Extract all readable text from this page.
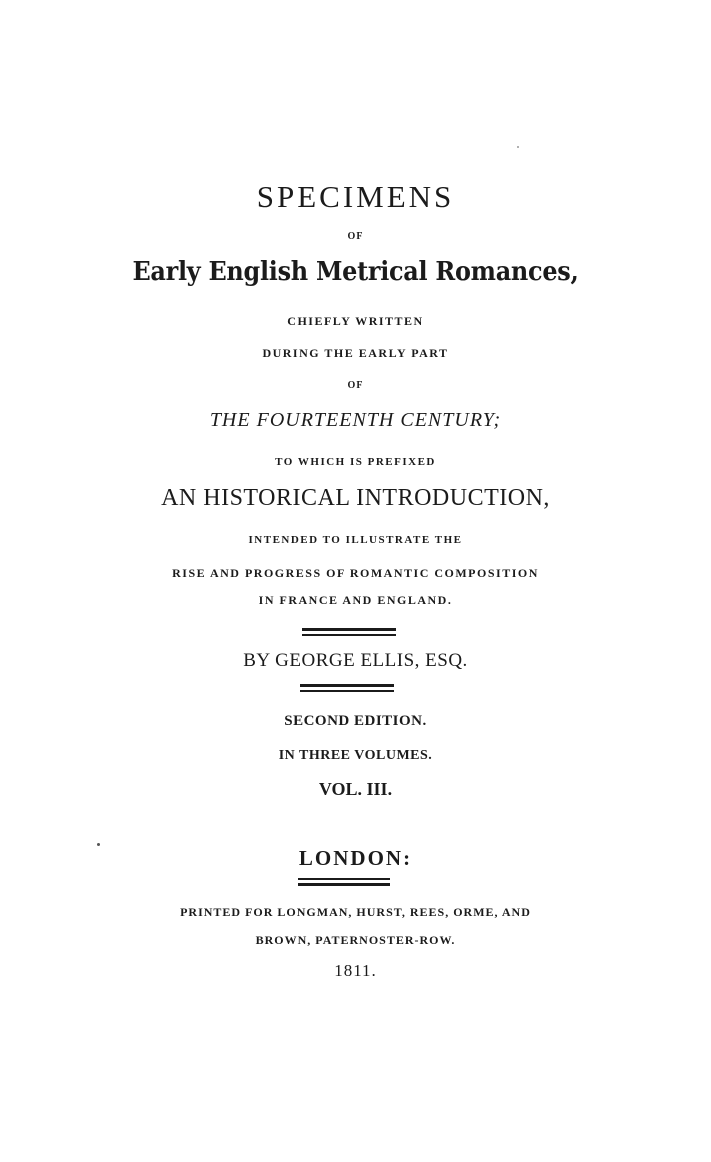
SPECIMENS
OF
Early English Metrical Romances,
CHIEFLY WRITTEN
DURING THE EARLY PART
OF
THE FOURTEENTH CENTURY;
TO WHICH IS PREFIXED
AN HISTORICAL INTRODUCTION,
INTENDED TO ILLUSTRATE THE
RISE AND PROGRESS OF ROMANTIC COMPOSITION
IN FRANCE AND ENGLAND.
BY GEORGE ELLIS, ESQ.
SECOND EDITION.
IN THREE VOLUMES.
VOL. III.
LONDON:
PRINTED FOR LONGMAN, HURST, REES, ORME, AND
BROWN, PATERNOSTER-ROW.
1811.
